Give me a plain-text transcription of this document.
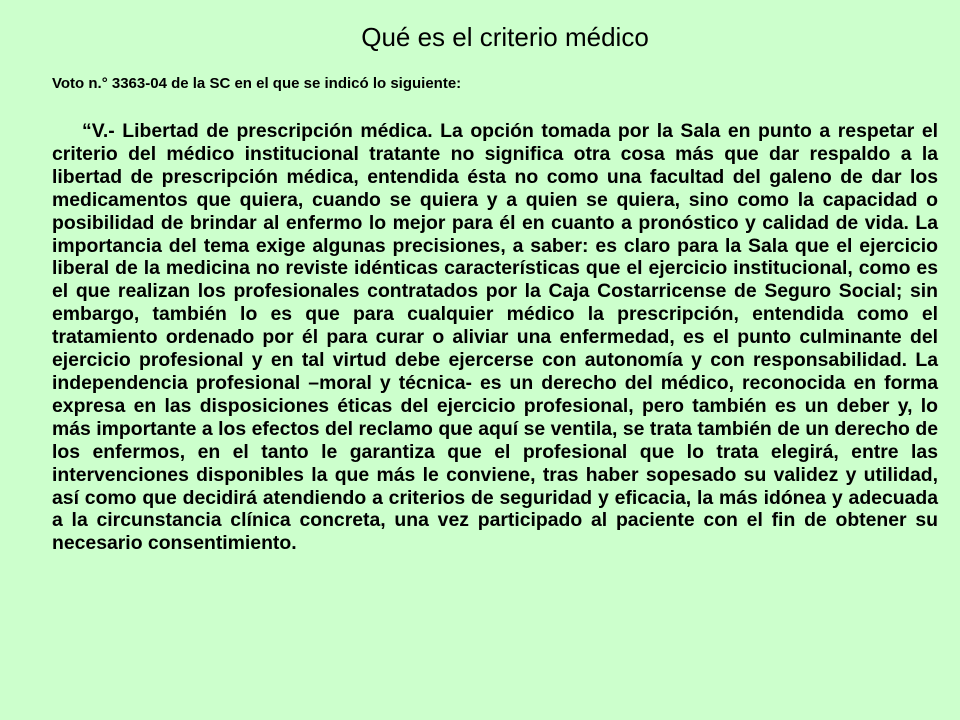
Qué es el criterio médico

Voto n.° 3363-04 de la SC en el que se indicó lo siguiente:

“V.- Libertad de prescripción médica. La opción tomada por la Sala en punto a respetar el criterio del médico institucional tratante no significa otra cosa más que dar respaldo a la libertad de prescripción médica, entendida ésta no como una facultad del galeno de dar los medicamentos que quiera, cuando se quiera y a quien se quiera, sino como la capacidad o posibilidad de brindar al enfermo lo mejor para él en cuanto a pronóstico y calidad de vida. La importancia del tema exige algunas precisiones, a saber: es claro para la Sala que el ejercicio liberal de la medicina no reviste idénticas características que el ejercicio institucional, como es el que realizan los profesionales contratados por la Caja Costarricense de Seguro Social; sin embargo, también lo es que para cualquier médico la prescripción, entendida como el tratamiento ordenado por él para curar o aliviar una enfermedad, es el punto culminante del ejercicio profesional y en tal virtud debe ejercerse con autonomía y con responsabilidad. La independencia profesional –moral y técnica- es un derecho del médico, reconocida en forma expresa en las disposiciones éticas del ejercicio profesional, pero también es un deber y, lo más importante a los efectos del reclamo que aquí se ventila, se trata también de un derecho de los enfermos, en el tanto le garantiza que el profesional que lo trata elegirá, entre las intervenciones disponibles la que más le conviene, tras haber sopesado su validez y utilidad, así como que decidirá atendiendo a criterios de seguridad y eficacia, la más idónea y adecuada a la circunstancia clínica concreta, una vez participado al paciente con el fin de obtener su necesario consentimiento.
